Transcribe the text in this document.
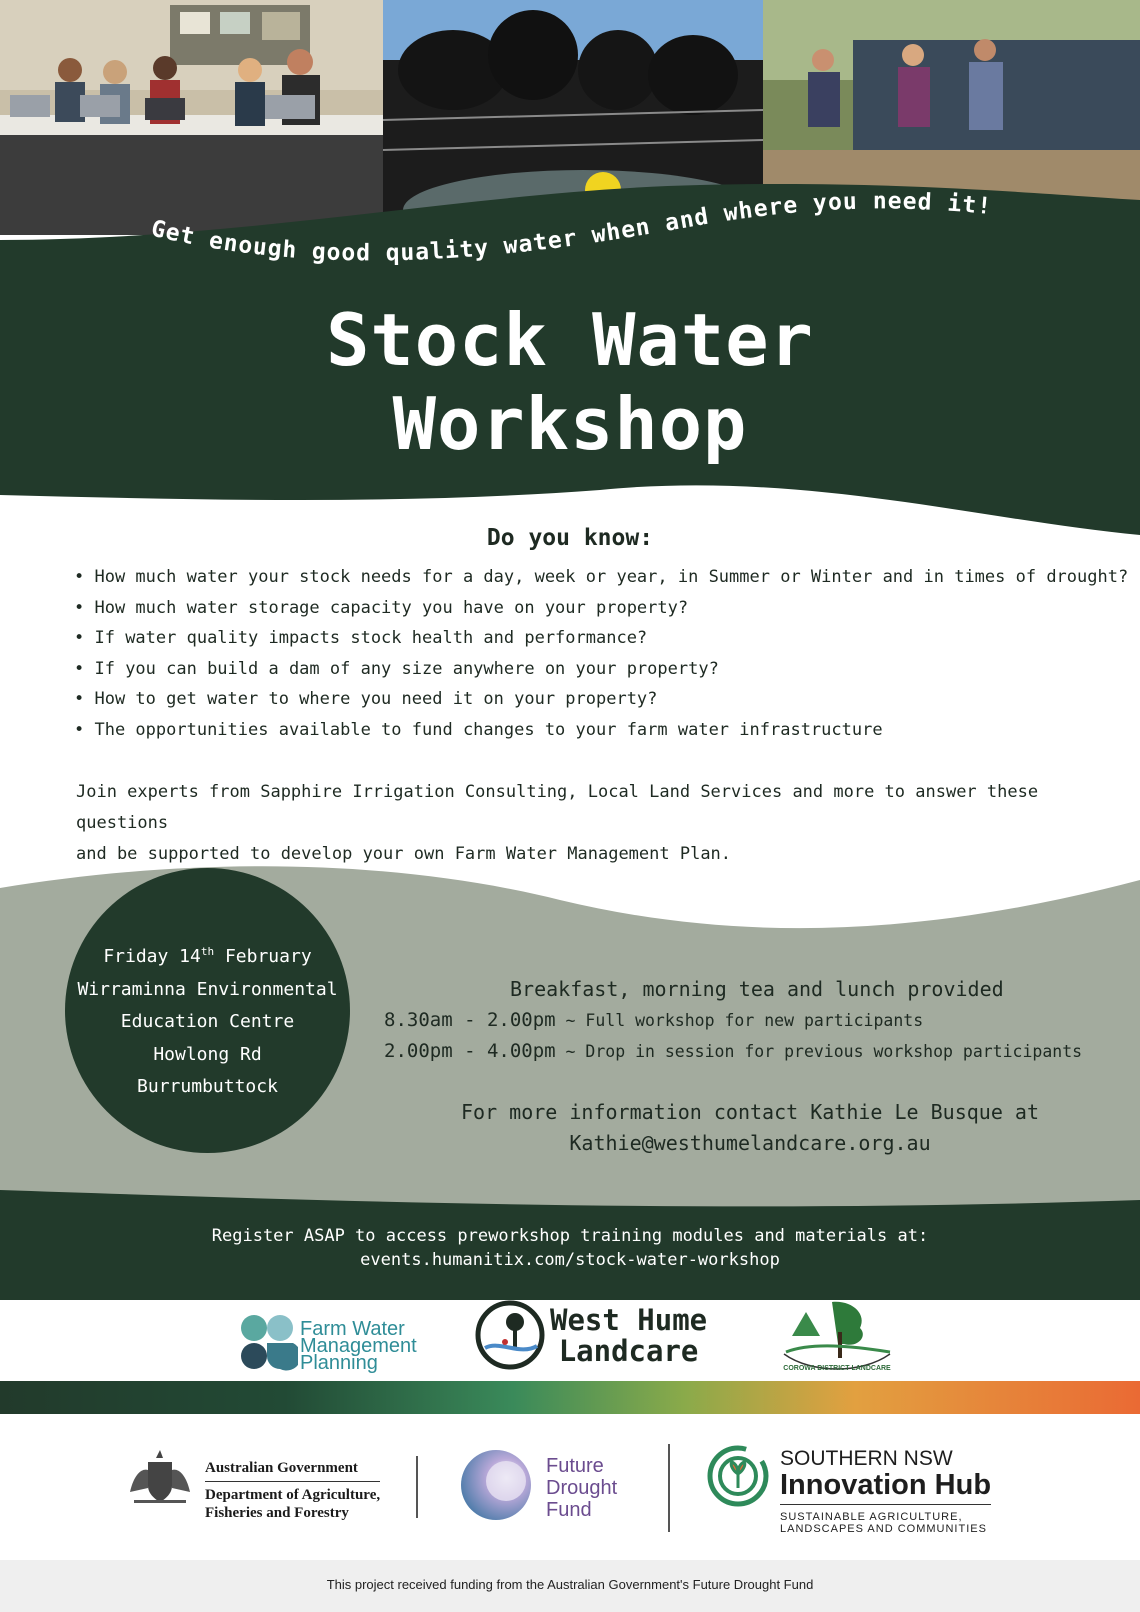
Get enough good quality water when and where you need it!
Stock Water
Workshop
Do you know:
• How much water your stock needs for a day, week or year, in Summer or Winter and in times of drought?
• How much water storage capacity you have on your property?
• If water quality impacts stock health and performance?
• If you can build a dam of any size anywhere on your property?
• How to get water to where you need it on your property?
• The opportunities available to fund changes to your farm water infrastructure
Join experts from Sapphire Irrigation Consulting, Local Land Services and more to answer these questions
and be supported to develop your own Farm Water Management Plan.
Friday 14th February
Wirraminna Environmental
Education Centre
Howlong Rd
Burrumbuttock
Breakfast, morning tea and lunch provided
8.30am - 2.00pm ~ Full workshop for new participants
2.00pm - 4.00pm ~ Drop in session for previous workshop participants
For more information contact Kathie Le Busque at
Kathie@westhumelandcare.org.au
Register ASAP to access preworkshop training modules and materials at:
events.humanitix.com/stock-water-workshop
Farm Water
Management
Planning
West Hume
Landcare
COROWA DISTRICT LANDCARE
Australian Government
Department of Agriculture,
Fisheries and Forestry
Future
Drought
Fund
SOUTHERN NSW
Innovation Hub
SUSTAINABLE AGRICULTURE,
LANDSCAPES AND COMMUNITIES
This project received funding from the Australian Government's Future Drought Fund
